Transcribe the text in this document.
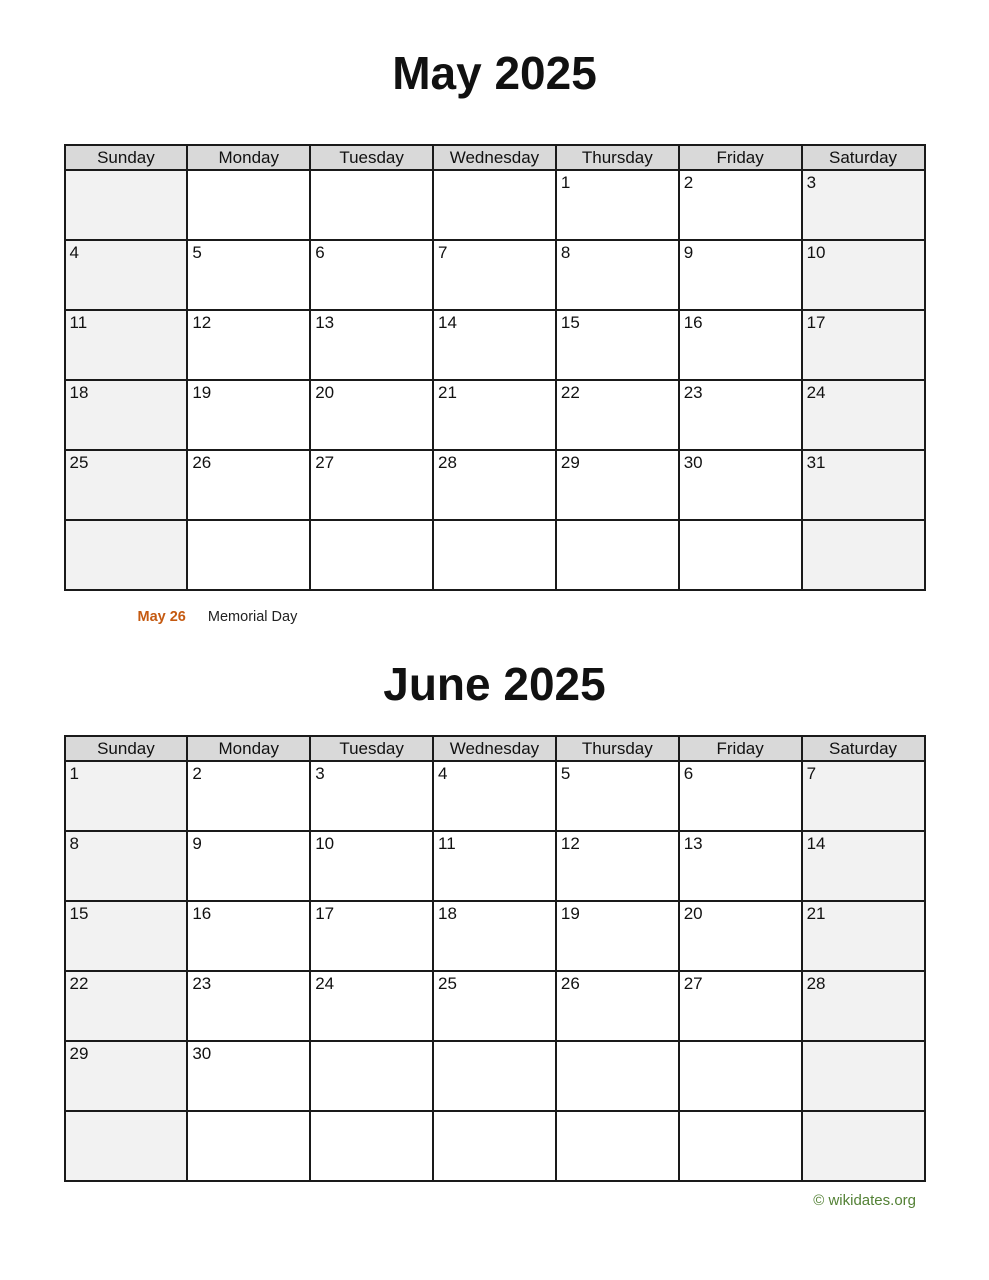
May 2025
Sunday	Monday	Tuesday	Wednesday	Thursday	Friday	Saturday
				1	2	3
4	5	6	7	8	9	10
11	12	13	14	15	16	17
18	19	20	21	22	23	24
25	26	27	28	29	30	31

May 26 Memorial Day
June 2025
Sunday	Monday	Tuesday	Wednesday	Thursday	Friday	Saturday
1	2	3	4	5	6	7
8	9	10	11	12	13	14
15	16	17	18	19	20	21
22	23	24	25	26	27	28
29	30					

© wikidates.org
